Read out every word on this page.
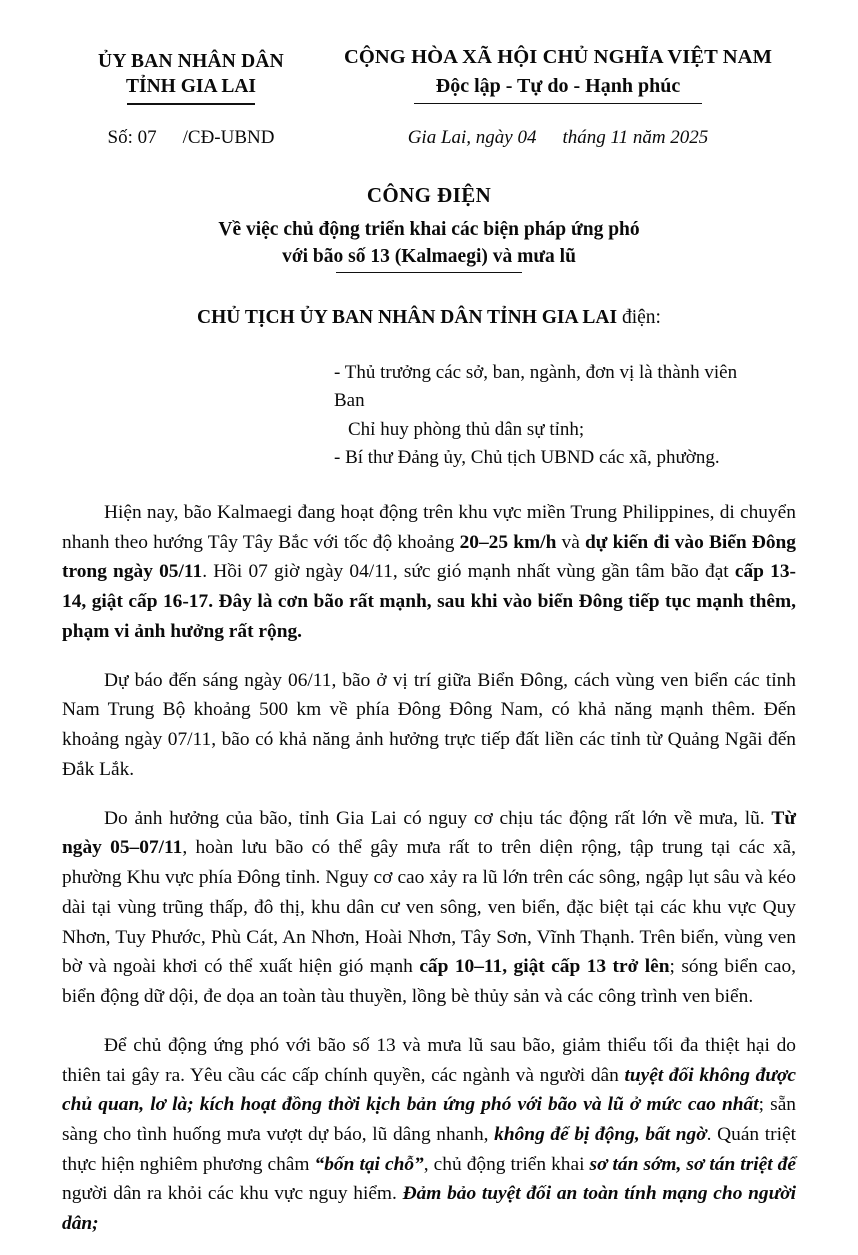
ỦY BAN NHÂN DÂN
TỈNH GIA LAI
CỘNG HÒA XÃ HỘI CHỦ NGHĨA VIỆT NAM
Độc lập - Tự do - Hạnh phúc
Số: 07 /CĐ-UBND	Gia Lai, ngày 04 tháng 11 năm 2025
CÔNG ĐIỆN
Về việc chủ động triển khai các biện pháp ứng phó
với bão số 13 (Kalmaegi) và mưa lũ
CHỦ TỊCH ỦY BAN NHÂN DÂN TỈNH GIA LAI điện:
- Thủ trưởng các sở, ban, ngành, đơn vị là thành viên Ban
Chỉ huy phòng thủ dân sự tỉnh;
- Bí thư Đảng ủy, Chủ tịch UBND các xã, phường.

Hiện nay, bão Kalmaegi đang hoạt động trên khu vực miền Trung Philippines, di chuyển nhanh theo hướng Tây Tây Bắc với tốc độ khoảng 20–25 km/h và dự kiến đi vào Biển Đông trong ngày 05/11. Hồi 07 giờ ngày 04/11, sức gió mạnh nhất vùng gần tâm bão đạt cấp 13-14, giật cấp 16-17. Đây là cơn bão rất mạnh, sau khi vào biển Đông tiếp tục mạnh thêm, phạm vi ảnh hưởng rất rộng.

Dự báo đến sáng ngày 06/11, bão ở vị trí giữa Biển Đông, cách vùng ven biển các tỉnh Nam Trung Bộ khoảng 500 km về phía Đông Đông Nam, có khả năng mạnh thêm. Đến khoảng ngày 07/11, bão có khả năng ảnh hưởng trực tiếp đất liền các tỉnh từ Quảng Ngãi đến Đắk Lắk.

Do ảnh hưởng của bão, tỉnh Gia Lai có nguy cơ chịu tác động rất lớn về mưa, lũ. Từ ngày 05–07/11, hoàn lưu bão có thể gây mưa rất to trên diện rộng, tập trung tại các xã, phường Khu vực phía Đông tỉnh. Nguy cơ cao xảy ra lũ lớn trên các sông, ngập lụt sâu và kéo dài tại vùng trũng thấp, đô thị, khu dân cư ven sông, ven biển, đặc biệt tại các khu vực Quy Nhơn, Tuy Phước, Phù Cát, An Nhơn, Hoài Nhơn, Tây Sơn, Vĩnh Thạnh. Trên biển, vùng ven bờ và ngoài khơi có thể xuất hiện gió mạnh cấp 10–11, giật cấp 13 trở lên; sóng biển cao, biển động dữ dội, đe dọa an toàn tàu thuyền, lồng bè thủy sản và các công trình ven biển.

Để chủ động ứng phó với bão số 13 và mưa lũ sau bão, giảm thiểu tối đa thiệt hại do thiên tai gây ra. Yêu cầu các cấp chính quyền, các ngành và người dân tuyệt đối không được chủ quan, lơ là; kích hoạt đồng thời kịch bản ứng phó với bão và lũ ở mức cao nhất; sẵn sàng cho tình huống mưa vượt dự báo, lũ dâng nhanh, không để bị động, bất ngờ. Quán triệt thực hiện nghiêm phương châm “bốn tại chỗ”, chủ động triển khai sơ tán sớm, sơ tán triệt để người dân ra khỏi các khu vực nguy hiểm. Đảm bảo tuyệt đối an toàn tính mạng cho người dân;
